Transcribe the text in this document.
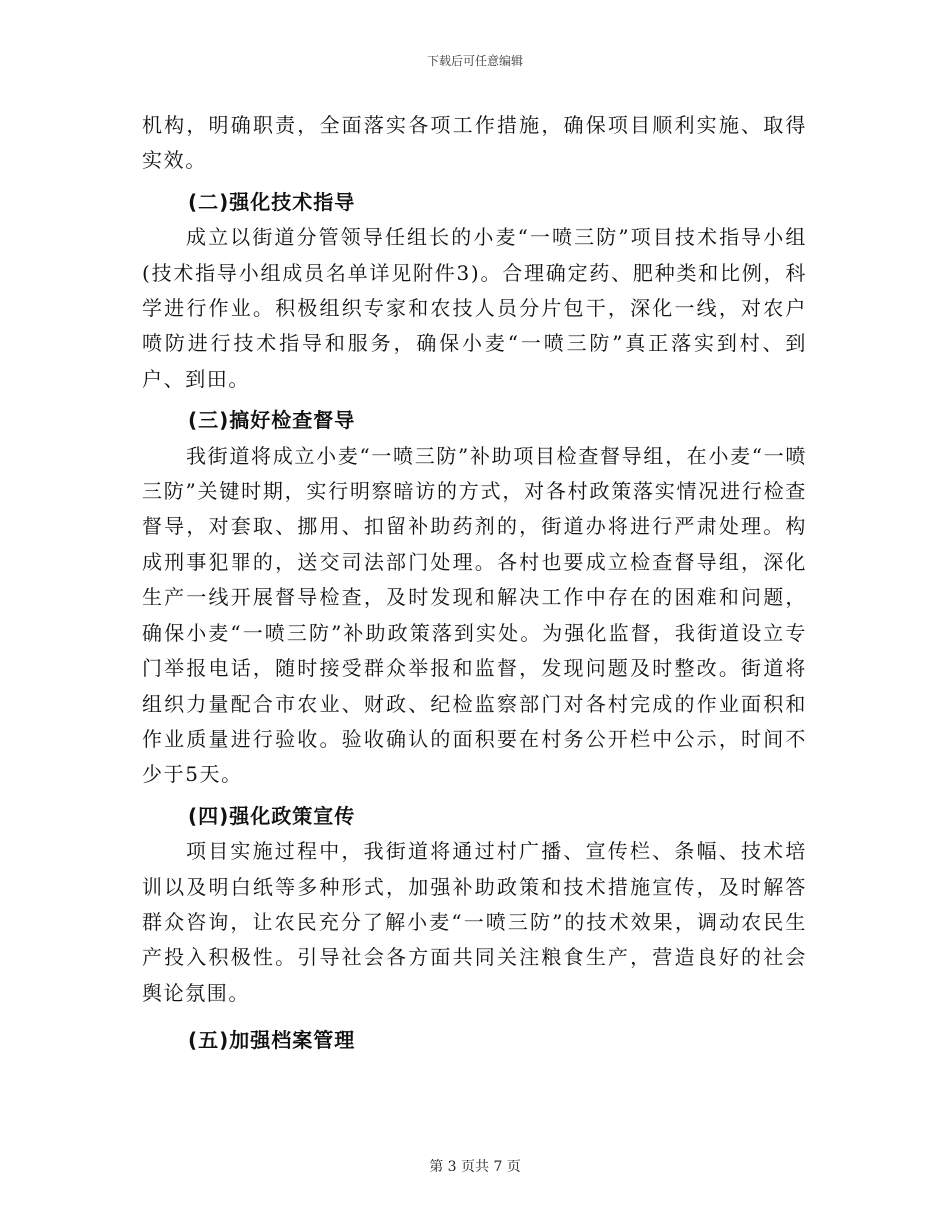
下载后可任意编辑

机构，明确职责，全面落实各项工作措施，确保项目顺利实施、取得实效。

(二)强化技术指导

成立以街道分管领导任组长的小麦“一喷三防”项目技术指导小组(技术指导小组成员名单详见附件3)。合理确定药、肥种类和比例，科学进行作业。积极组织专家和农技人员分片包干，深化一线，对农户喷防进行技术指导和服务，确保小麦“一喷三防”真正落实到村、到户、到田。

(三)搞好检查督导

我街道将成立小麦“一喷三防”补助项目检查督导组，在小麦“一喷三防”关键时期，实行明察暗访的方式，对各村政策落实情况进行检查督导，对套取、挪用、扣留补助药剂的，街道办将进行严肃处理。构成刑事犯罪的，送交司法部门处理。各村也要成立检查督导组，深化生产一线开展督导检查，及时发现和解决工作中存在的困难和问题，确保小麦“一喷三防”补助政策落到实处。为强化监督，我街道设立专门举报电话，随时接受群众举报和监督，发现问题及时整改。街道将组织力量配合市农业、财政、纪检监察部门对各村完成的作业面积和作业质量进行验收。验收确认的面积要在村务公开栏中公示，时间不少于5天。

(四)强化政策宣传

项目实施过程中，我街道将通过村广播、宣传栏、条幅、技术培训以及明白纸等多种形式，加强补助政策和技术措施宣传，及时解答群众咨询，让农民充分了解小麦“一喷三防”的技术效果，调动农民生产投入积极性。引导社会各方面共同关注粮食生产，营造良好的社会舆论氛围。

(五)加强档案管理

第 3 页共 7 页
